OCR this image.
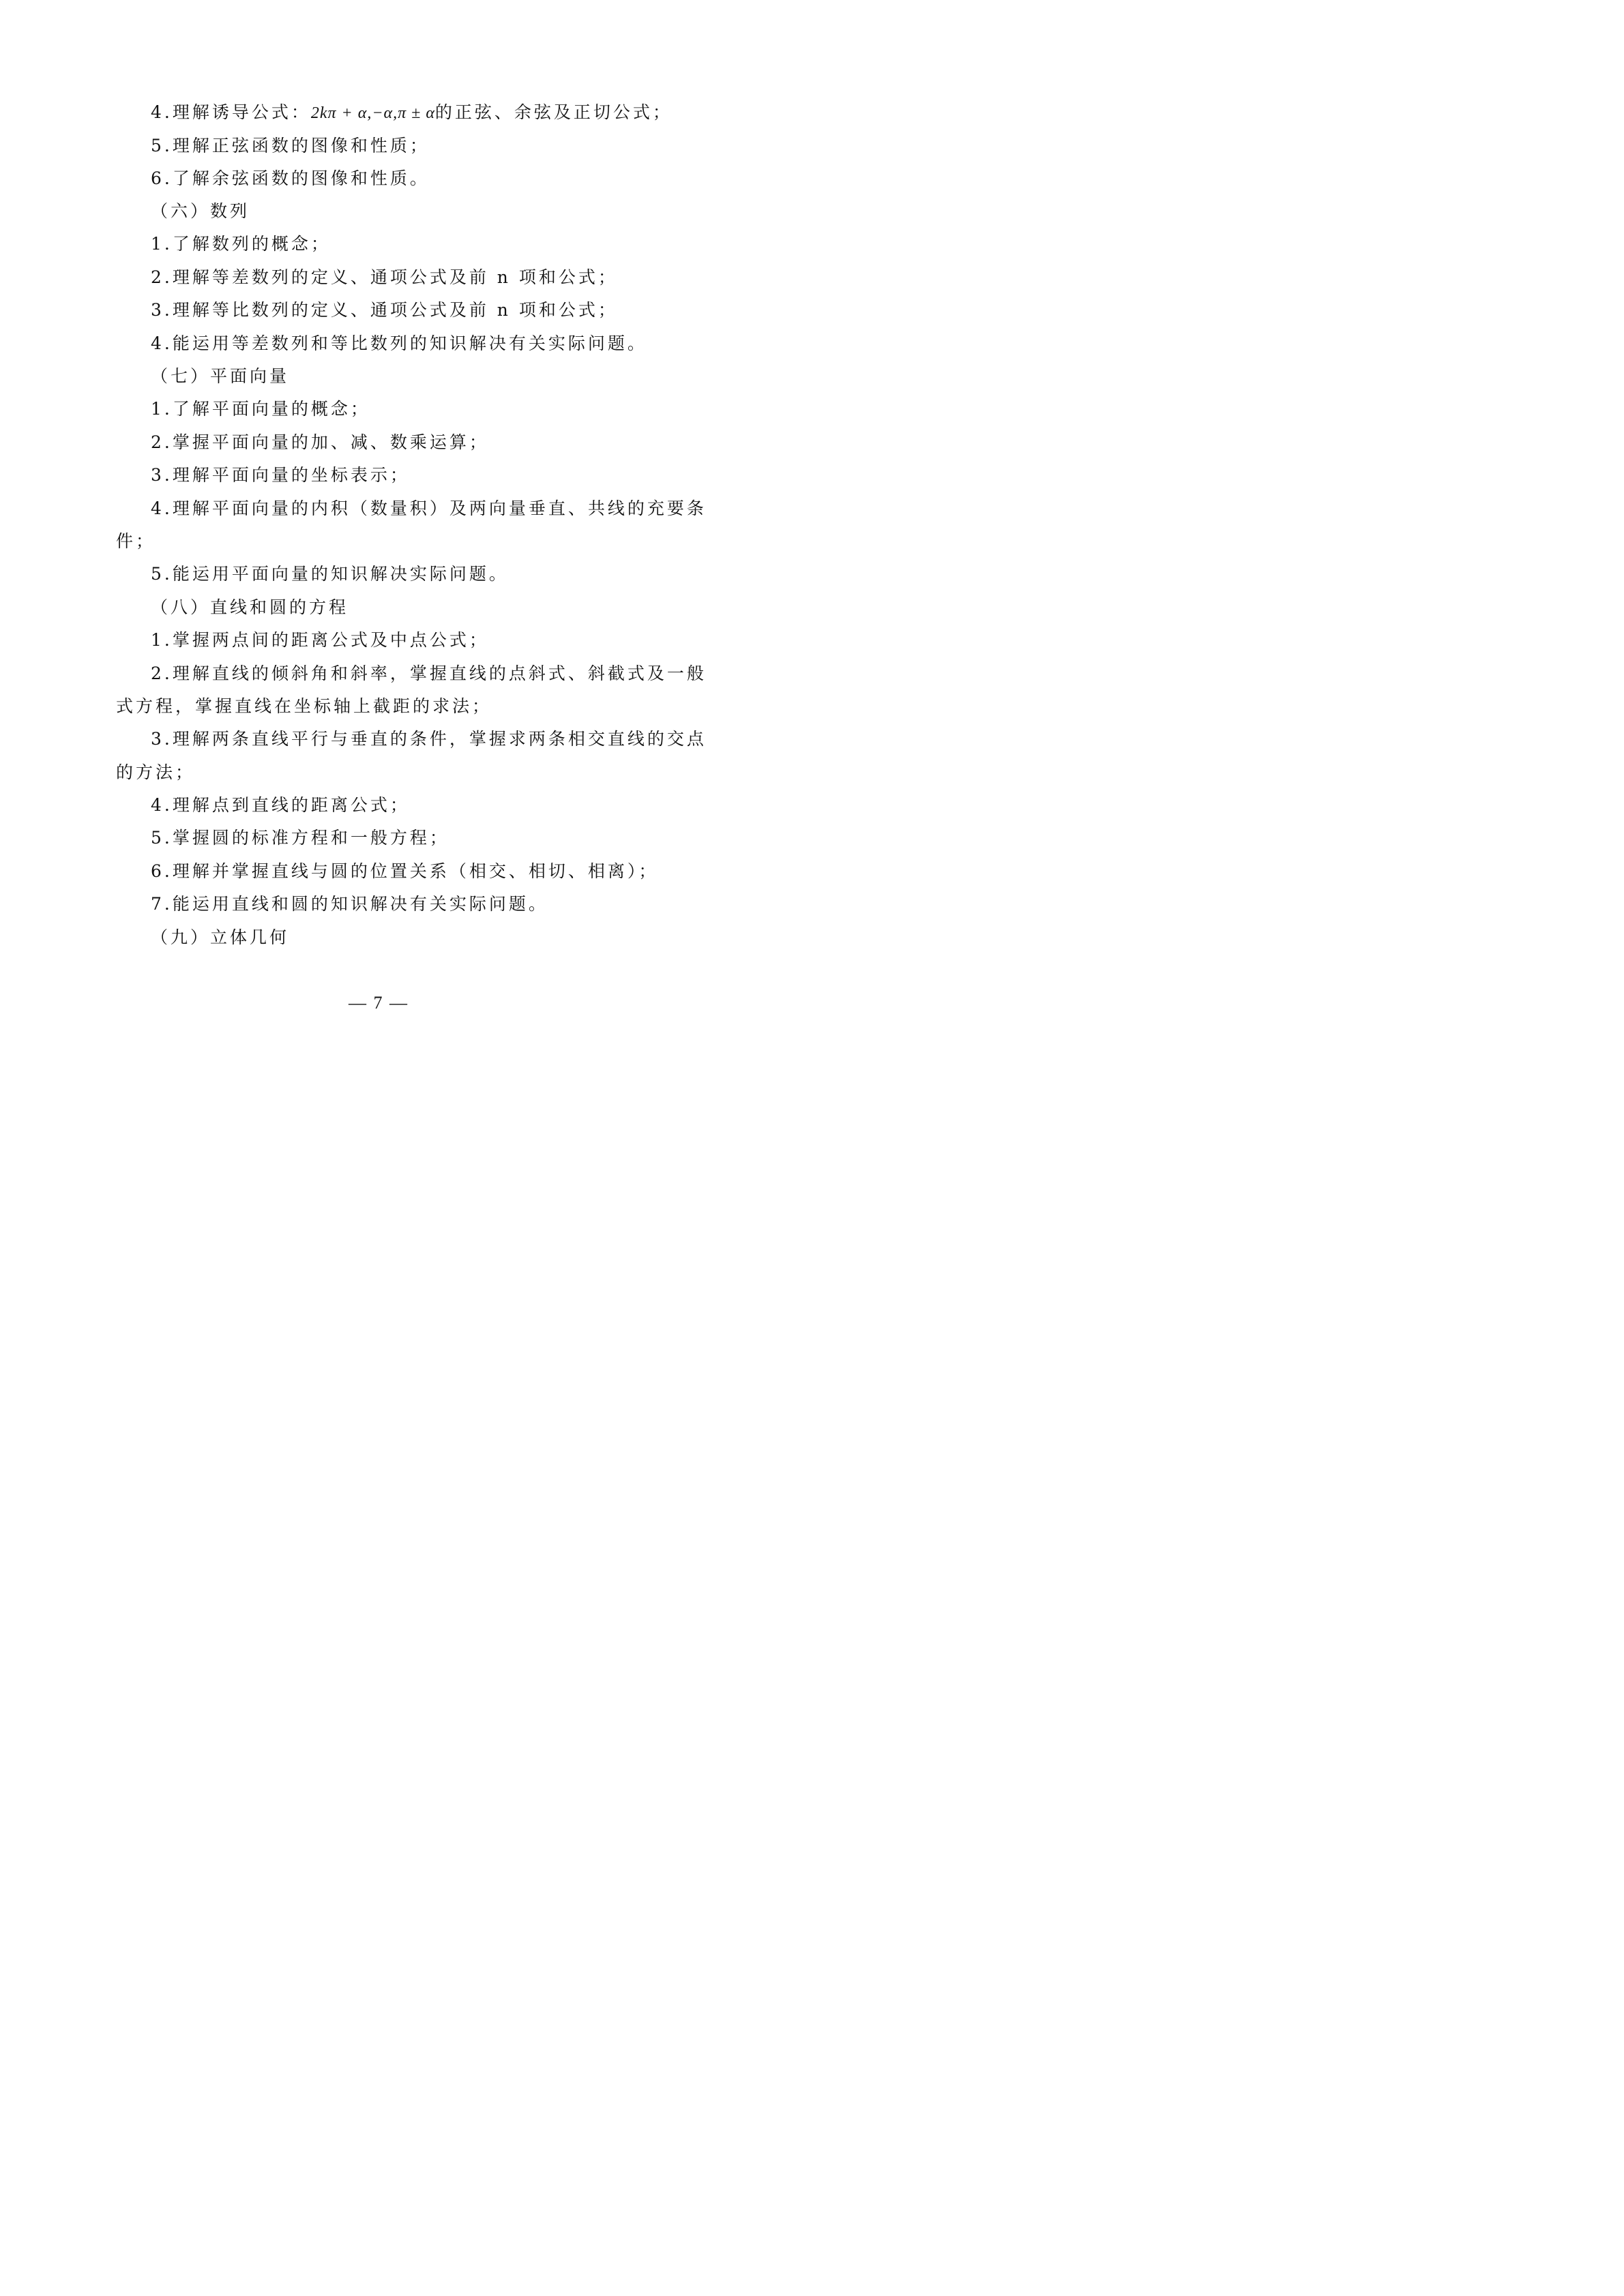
4.理解诱导公式：2kπ + α,−α,π ± α的正弦、余弦及正切公式；
5.理解正弦函数的图像和性质；
6.了解余弦函数的图像和性质。
（六）数列
1.了解数列的概念；
2.理解等差数列的定义、通项公式及前 n 项和公式；
3.理解等比数列的定义、通项公式及前 n 项和公式；
4.能运用等差数列和等比数列的知识解决有关实际问题。
（七）平面向量
1.了解平面向量的概念；
2.掌握平面向量的加、减、数乘运算；
3.理解平面向量的坐标表示；
4.理解平面向量的内积（数量积）及两向量垂直、共线的充要条
件；
5.能运用平面向量的知识解决实际问题。
（八）直线和圆的方程
1.掌握两点间的距离公式及中点公式；
2.理解直线的倾斜角和斜率，掌握直线的点斜式、斜截式及一般
式方程，掌握直线在坐标轴上截距的求法；
3.理解两条直线平行与垂直的条件，掌握求两条相交直线的交点
的方法；
4.理解点到直线的距离公式；
5.掌握圆的标准方程和一般方程；
6.理解并掌握直线与圆的位置关系（相交、相切、相离）；
7.能运用直线和圆的知识解决有关实际问题。
（九）立体几何
— 7 —
